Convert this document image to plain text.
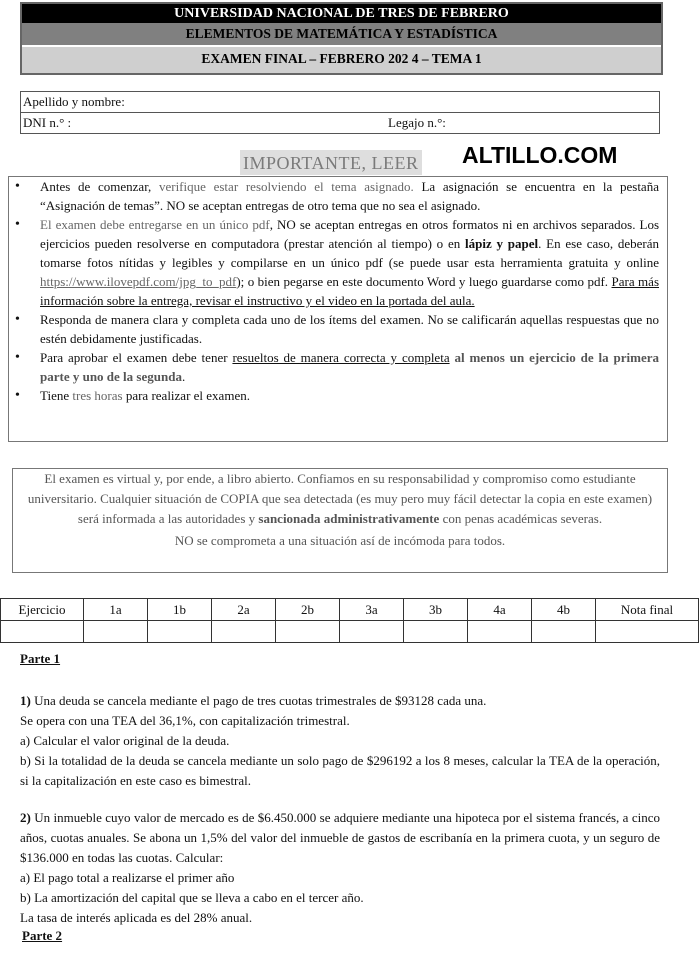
UNIVERSIDAD NACIONAL DE TRES DE FEBRERO
ELEMENTOS DE MATEMÁTICA Y ESTADÍSTICA
EXAMEN FINAL – FEBRERO 202 4 – TEMA 1
Apellido y nombre:
DNI n.° :	Legajo n.°:
IMPORTANTE, LEER ALTILLO.COM
• Antes de comenzar, verifique estar resolviendo el tema asignado. La asignación se encuentra en la pestaña “Asignación de temas”. NO se aceptan entregas de otro tema que no sea el asignado.
• El examen debe entregarse en un único pdf, NO se aceptan entregas en otros formatos ni en archivos separados. Los ejercicios pueden resolverse en computadora (prestar atención al tiempo) o en lápiz y papel. En ese caso, deberán tomarse fotos nítidas y legibles y compilarse en un único pdf (se puede usar esta herramienta gratuita y online https://www.ilovepdf.com/jpg_to_pdf); o bien pegarse en este documento Word y luego guardarse como pdf. Para más información sobre la entrega, revisar el instructivo y el video en la portada del aula.
• Responda de manera clara y completa cada uno de los ítems del examen. No se calificarán aquellas respuestas que no estén debidamente justificadas.
• Para aprobar el examen debe tener resueltos de manera correcta y completa al menos un ejercicio de la primera parte y uno de la segunda.
• Tiene tres horas para realizar el examen.

El examen es virtual y, por ende, a libro abierto. Confiamos en su responsabilidad y compromiso como estudiante universitario. Cualquier situación de COPIA que sea detectada (es muy pero muy fácil detectar la copia en este examen) será informada a las autoridades y sancionada administrativamente con penas académicas severas.

NO se comprometa a una situación así de incómoda para todos.

Ejercicio	1a	1b	2a	2b	3a	3b	4a	4b	Nota final

Parte 1

1) Una deuda se cancela mediante el pago de tres cuotas trimestrales de $93128 cada una.

Se opera con una TEA del 36,1%, con capitalización trimestral.

a) Calcular el valor original de la deuda.

b) Si la totalidad de la deuda se cancela mediante un solo pago de $296192 a los 8 meses, calcular la TEA de la operación, si la capitalización en este caso es bimestral.

2) Un inmueble cuyo valor de mercado es de $6.450.000 se adquiere mediante una hipoteca por el sistema francés, a cinco años, cuotas anuales. Se abona un 1,5% del valor del inmueble de gastos de escribanía en la primera cuota, y un seguro de $136.000 en todas las cuotas. Calcular:

a) El pago total a realizarse el primer año

b) La amortización del capital que se lleva a cabo en el tercer año.

La tasa de interés aplicada es del 28% anual.

Parte 2
